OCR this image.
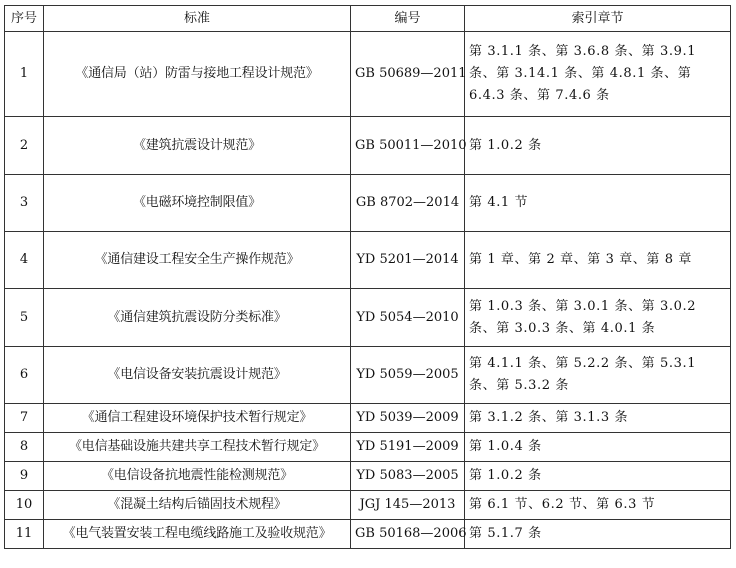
序号	标准	编号	索引章节
1	《通信局（站）防雷与接地工程设计规范》	GB 50689—2011	第 3.1.1 条、第 3.6.8 条、第 3.9.1 条、第 3.14.1 条、第 4.8.1 条、第 6.4.3 条、第 7.4.6 条
2	《建筑抗震设计规范》	GB 50011—2010	第 1.0.2 条
3	《电磁环境控制限值》	GB 8702—2014	第 4.1 节
4	《通信建设工程安全生产操作规范》	YD 5201—2014	第 1 章、第 2 章、第 3 章、第 8 章
5	《通信建筑抗震设防分类标准》	YD 5054—2010	第 1.0.3 条、第 3.0.1 条、第 3.0.2 条、第 3.0.3 条、第 4.0.1 条
6	《电信设备安装抗震设计规范》	YD 5059—2005	第 4.1.1 条、第 5.2.2 条、第 5.3.1 条、第 5.3.2 条
7	《通信工程建设环境保护技术暂行规定》	YD 5039—2009	第 3.1.2 条、第 3.1.3 条
8	《电信基础设施共建共享工程技术暂行规定》	YD 5191—2009	第 1.0.4 条
9	《电信设备抗地震性能检测规范》	YD 5083—2005	第 1.0.2 条
10	《混凝土结构后锚固技术规程》	JGJ 145—2013	第 6.1 节、6.2 节、第 6.3 节
11	《电气装置安装工程电缆线路施工及验收规范》	GB 50168—2006	第 5.1.7 条
